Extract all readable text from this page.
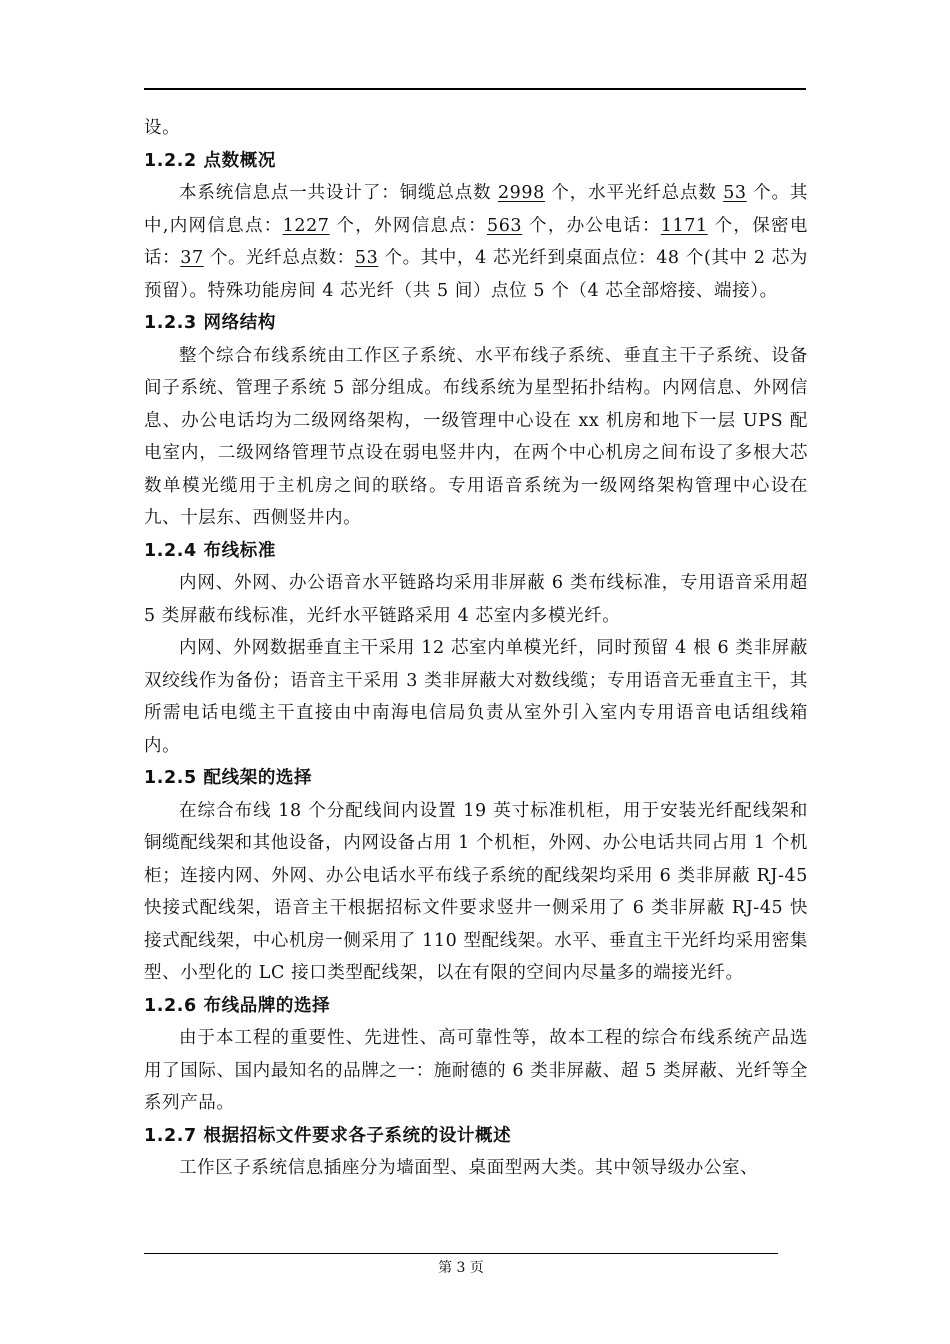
设。

1.2.2 点数概况

本系统信息点一共设计了：铜缆总点数 2998 个，水平光纤总点数 53 个。其中,内网信息点：1227 个，外网信息点：563 个，办公电话：1171 个，保密电话：37 个。光纤总点数：53 个。其中，4 芯光纤到桌面点位：48 个(其中 2 芯为预留）。特殊功能房间 4 芯光纤（共 5 间）点位 5 个（4 芯全部熔接、端接）。

1.2.3 网络结构

整个综合布线系统由工作区子系统、水平布线子系统、垂直主干子系统、设备间子系统、管理子系统 5 部分组成。布线系统为星型拓扑结构。内网信息、外网信息、办公电话均为二级网络架构，一级管理中心设在 xx 机房和地下一层 UPS 配电室内，二级网络管理节点设在弱电竖井内，在两个中心机房之间布设了多根大芯数单模光缆用于主机房之间的联络。专用语音系统为一级网络架构管理中心设在九、十层东、西侧竖井内。

1.2.4 布线标准

内网、外网、办公语音水平链路均采用非屏蔽 6 类布线标准，专用语音采用超 5 类屏蔽布线标准，光纤水平链路采用 4 芯室内多模光纤。

内网、外网数据垂直主干采用 12 芯室内单模光纤，同时预留 4 根 6 类非屏蔽双绞线作为备份；语音主干采用 3 类非屏蔽大对数线缆；专用语音无垂直主干，其所需电话电缆主干直接由中南海电信局负责从室外引入室内专用语音电话组线箱内。

1.2.5 配线架的选择

在综合布线 18 个分配线间内设置 19 英寸标准机柜，用于安装光纤配线架和铜缆配线架和其他设备，内网设备占用 1 个机柜，外网、办公电话共同占用 1 个机柜；连接内网、外网、办公电话水平布线子系统的配线架均采用 6 类非屏蔽 RJ-45 快接式配线架，语音主干根据招标文件要求竖井一侧采用了 6 类非屏蔽 RJ-45 快接式配线架，中心机房一侧采用了 110 型配线架。水平、垂直主干光纤均采用密集型、小型化的 LC 接口类型配线架，以在有限的空间内尽量多的端接光纤。

1.2.6 布线品牌的选择

由于本工程的重要性、先进性、高可靠性等，故本工程的综合布线系统产品选用了国际、国内最知名的品牌之一：施耐德的 6 类非屏蔽、超 5 类屏蔽、光纤等全系列产品。

1.2.7 根据招标文件要求各子系统的设计概述

工作区子系统信息插座分为墙面型、桌面型两大类。其中领导级办公室、

第 3 页
